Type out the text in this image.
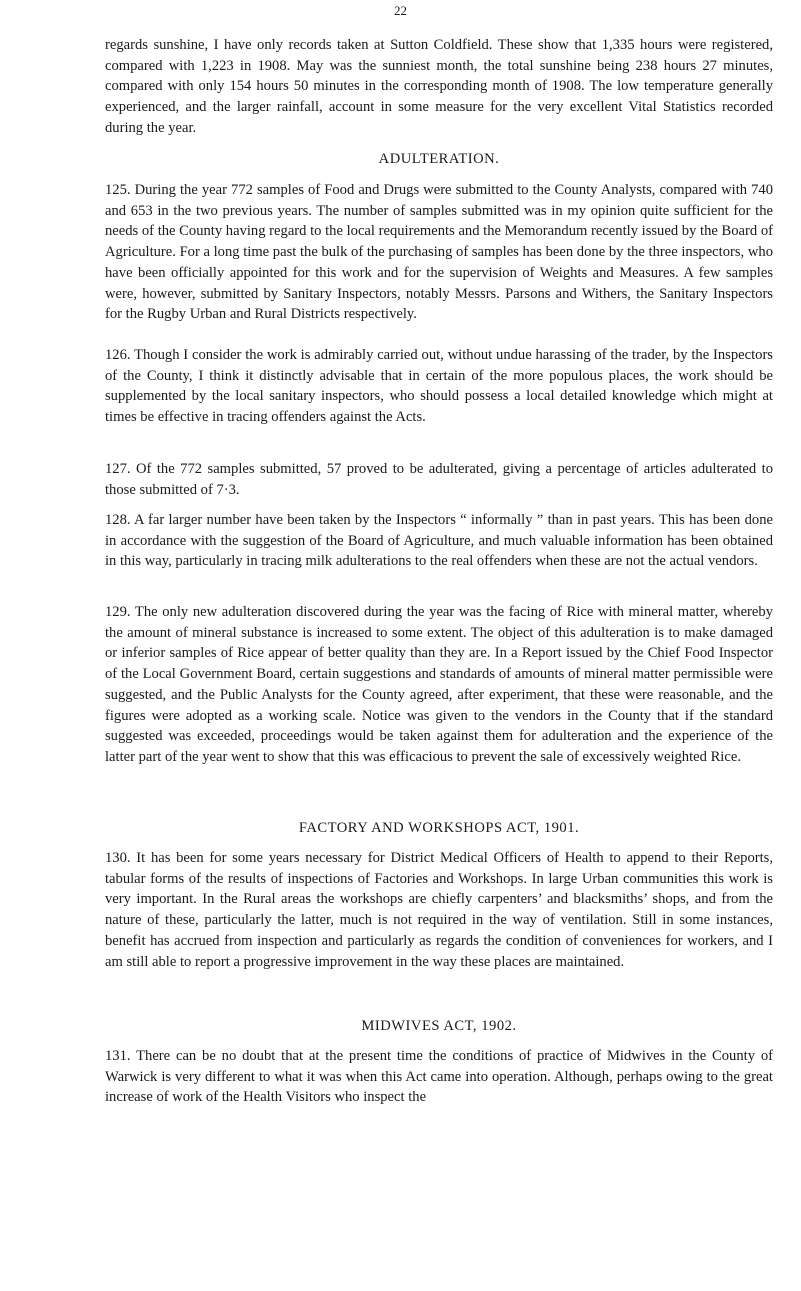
22

regards sunshine, I have only records taken at Sutton Coldfield. These show that 1,335 hours were registered, compared with 1,223 in 1908. May was the sunniest month, the total sunshine being 238 hours 27 minutes, compared with only 154 hours 50 minutes in the corresponding month of 1908. The low temperature generally experienced, and the larger rainfall, account in some measure for the very excellent Vital Statistics recorded during the year.

ADULTERATION.

125. During the year 772 samples of Food and Drugs were submitted to the County Analysts, compared with 740 and 653 in the two previous years. The number of samples submitted was in my opinion quite sufficient for the needs of the County having regard to the local requirements and the Memorandum recently issued by the Board of Agriculture. For a long time past the bulk of the purchasing of samples has been done by the three inspectors, who have been officially appointed for this work and for the supervision of Weights and Measures. A few samples were, however, submitted by Sanitary Inspectors, notably Messrs. Parsons and Withers, the Sanitary Inspectors for the Rugby Urban and Rural Districts respectively.

126. Though I consider the work is admirably carried out, without undue harassing of the trader, by the Inspectors of the County, I think it distinctly advisable that in certain of the more populous places, the work should be supplemented by the local sanitary inspectors, who should possess a local detailed knowledge which might at times be effective in tracing offenders against the Acts.

127. Of the 772 samples submitted, 57 proved to be adulterated, giving a percentage of articles adulterated to those submitted of 7·3.

128. A far larger number have been taken by the Inspectors “ informally ” than in past years. This has been done in accordance with the suggestion of the Board of Agriculture, and much valuable information has been obtained in this way, particularly in tracing milk adulterations to the real offenders when these are not the actual vendors.

129. The only new adulteration discovered during the year was the facing of Rice with mineral matter, whereby the amount of mineral substance is increased to some extent. The object of this adulteration is to make damaged or inferior samples of Rice appear of better quality than they are. In a Report issued by the Chief Food Inspector of the Local Government Board, certain suggestions and standards of amounts of mineral matter permissible were suggested, and the Public Analysts for the County agreed, after experiment, that these were reasonable, and the figures were adopted as a working scale. Notice was given to the vendors in the County that if the standard suggested was exceeded, proceedings would be taken against them for adulteration and the experience of the latter part of the year went to show that this was efficacious to prevent the sale of excessively weighted Rice.

FACTORY AND WORKSHOPS ACT, 1901.

130. It has been for some years necessary for District Medical Officers of Health to append to their Reports, tabular forms of the results of inspections of Factories and Workshops. In large Urban communities this work is very important. In the Rural areas the workshops are chiefly carpenters’ and blacksmiths’ shops, and from the nature of these, particularly the latter, much is not required in the way of ventilation. Still in some instances, benefit has accrued from inspection and particularly as regards the condition of conveniences for workers, and I am still able to report a progressive improvement in the way these places are maintained.

MIDWIVES ACT, 1902.

131. There can be no doubt that at the present time the conditions of practice of Midwives in the County of Warwick is very different to what it was when this Act came into operation. Although, perhaps owing to the great increase of work of the Health Visitors who inspect the
